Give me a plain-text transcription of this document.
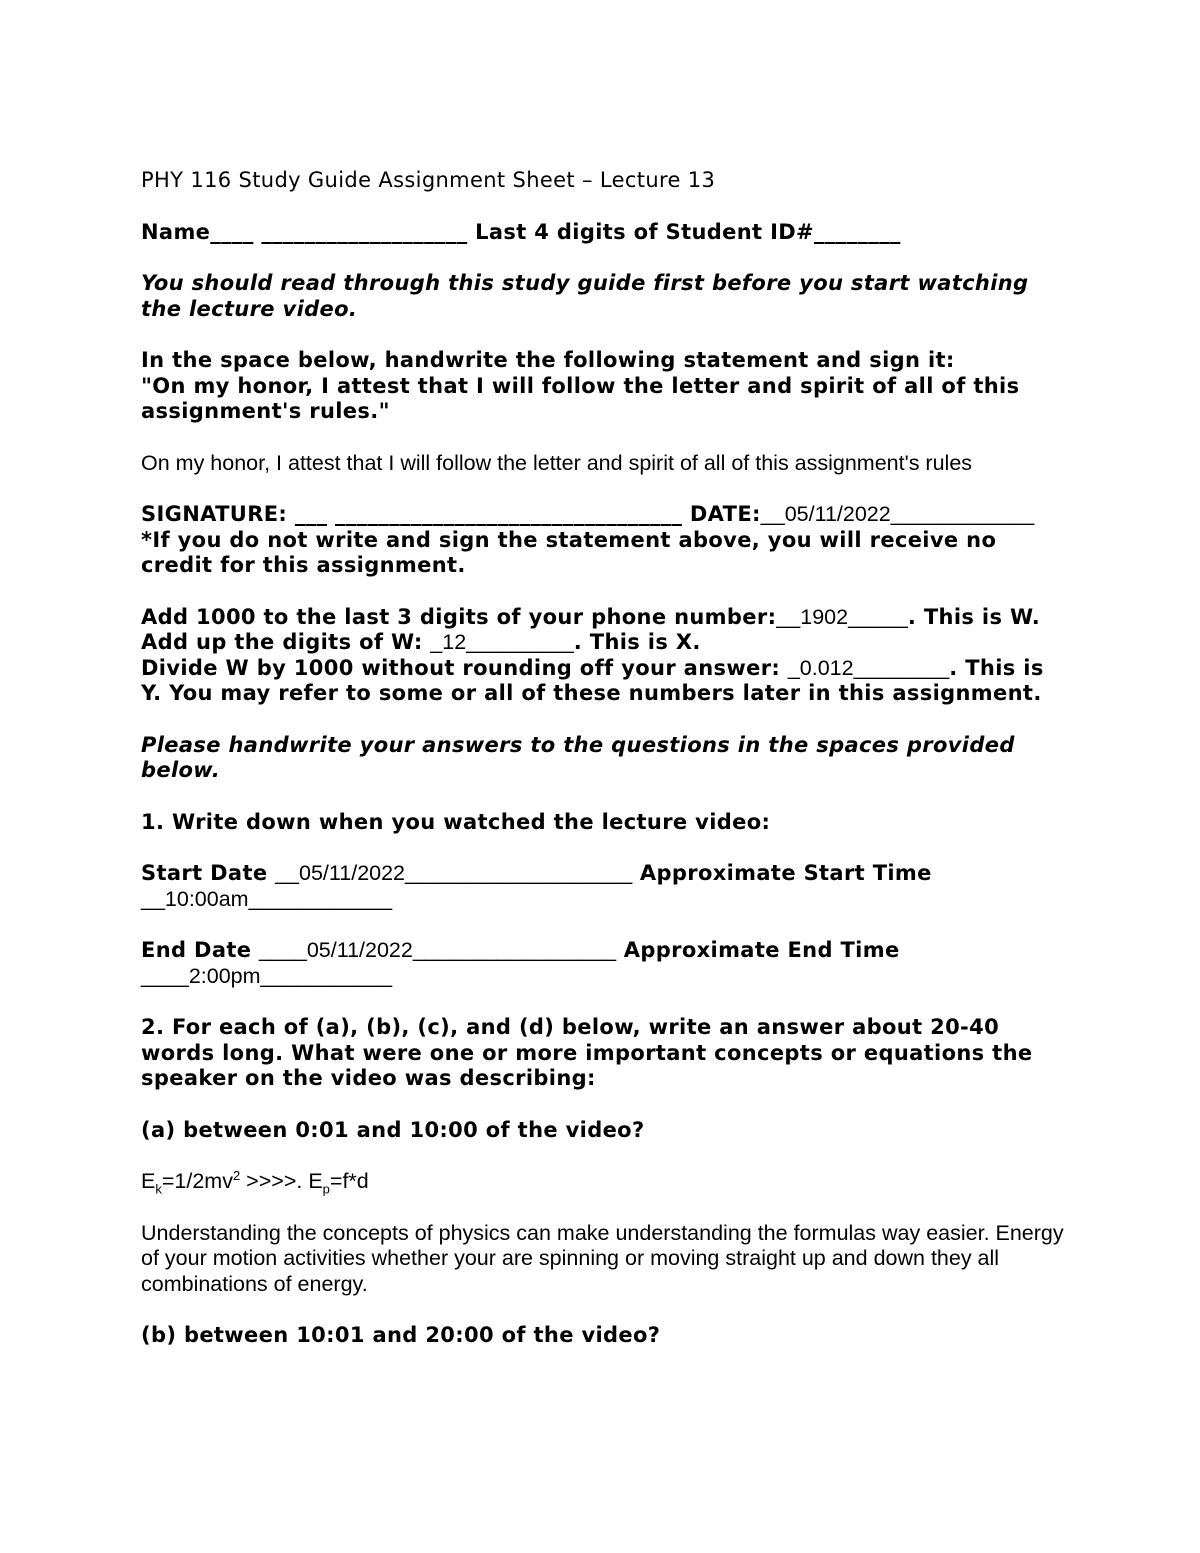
PHY 116 Study Guide Assignment Sheet – Lecture 13

Name____ ___________________ Last 4 digits of Student ID#________

You should read through this study guide first before you start watching the lecture video.

In the space below, handwrite the following statement and sign it:
"On my honor, I attest that I will follow the letter and spirit of all of this assignment's rules."

On my honor, I attest that I will follow the letter and spirit of all of this assignment's rules

SIGNATURE: ___ ________________________________ DATE:__05/11/2022____________
*If you do not write and sign the statement above, you will receive no credit for this assignment.

Add 1000 to the last 3 digits of your phone number:__1902_____. This is W.
Add up the digits of W: _12_________. This is X.
Divide W by 1000 without rounding off your answer: _0.012________. This is Y. You may refer to some or all of these numbers later in this assignment.

Please handwrite your answers to the questions in the spaces provided below.

1. Write down when you watched the lecture video:

Start Date __05/11/2022___________________ Approximate Start Time __10:00am____________

End Date ____05/11/2022_________________ Approximate End Time ____2:00pm___________

2. For each of (a), (b), (c), and (d) below, write an answer about 20-40 words long. What were one or more important concepts or equations the speaker on the video was describing:

(a) between 0:01 and 10:00 of the video?

$E_k=1/2mv^2$ >>>>. $E_p=f*d$

Understanding the concepts of physics can make understanding the formulas way easier. Energy of your motion activities whether your are spinning or moving straight up and down they all combinations of energy.

(b) between 10:01 and 20:00 of the video?
